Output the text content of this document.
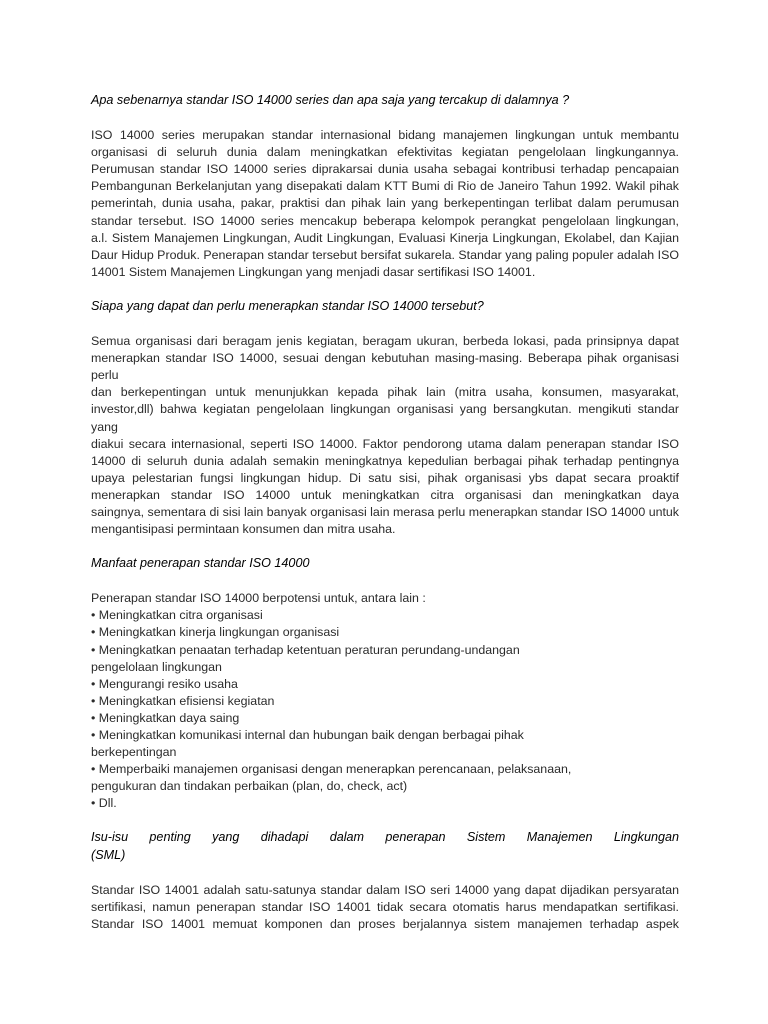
Apa sebenarnya standar ISO 14000 series dan apa saja yang tercakup di dalamnya ?

ISO 14000 series merupakan standar internasional bidang manajemen lingkungan untuk membantu
organisasi di seluruh dunia dalam meningkatkan efektivitas kegiatan pengelolaan lingkungannya.
Perumusan standar ISO 14000 series diprakarsai dunia usaha sebagai kontribusi terhadap pencapaian
Pembangunan Berkelanjutan yang disepakati dalam KTT Bumi di Rio de Janeiro Tahun 1992. Wakil pihak
pemerintah, dunia usaha, pakar, praktisi dan pihak lain yang berkepentingan terlibat dalam perumusan
standar tersebut. ISO 14000 series mencakup beberapa kelompok perangkat pengelolaan lingkungan,
a.l. Sistem Manajemen Lingkungan, Audit Lingkungan, Evaluasi Kinerja Lingkungan, Ekolabel, dan Kajian
Daur Hidup Produk. Penerapan standar tersebut bersifat sukarela. Standar yang paling populer adalah ISO
14001 Sistem Manajemen Lingkungan yang menjadi dasar sertifikasi ISO 14001.

Siapa yang dapat dan perlu menerapkan standar ISO 14000 tersebut?

Semua organisasi dari beragam jenis kegiatan, beragam ukuran, berbeda lokasi, pada prinsipnya dapat
menerapkan standar ISO 14000, sesuai dengan kebutuhan masing-masing. Beberapa pihak organisasi perlu
dan berkepentingan untuk menunjukkan kepada pihak lain (mitra usaha, konsumen, masyarakat,
investor,dll) bahwa kegiatan pengelolaan lingkungan organisasi yang bersangkutan. mengikuti standar yang
diakui secara internasional, seperti ISO 14000. Faktor pendorong utama dalam penerapan standar ISO
14000 di seluruh dunia adalah semakin meningkatnya kepedulian berbagai pihak terhadap pentingnya
upaya pelestarian fungsi lingkungan hidup. Di satu sisi, pihak organisasi ybs dapat secara proaktif
menerapkan standar ISO 14000 untuk meningkatkan citra organisasi dan meningkatkan daya
saingnya, sementara di sisi lain banyak organisasi lain merasa perlu menerapkan standar ISO 14000 untuk
mengantisipasi permintaan konsumen dan mitra usaha.

Manfaat penerapan standar ISO 14000

Penerapan standar ISO 14000 berpotensi untuk, antara lain :
• Meningkatkan citra organisasi
• Meningkatkan kinerja lingkungan organisasi
• Meningkatkan penaatan terhadap ketentuan peraturan perundang-undangan
pengelolaan lingkungan
• Mengurangi resiko usaha
• Meningkatkan efisiensi kegiatan
• Meningkatkan daya saing
• Meningkatkan komunikasi internal dan hubungan baik dengan berbagai pihak
berkepentingan
• Memperbaiki manajemen organisasi dengan menerapkan perencanaan, pelaksanaan,
pengukuran dan tindakan perbaikan (plan, do, check, act)
• Dll.
Isu-isu penting yang dihadapi dalam penerapan Sistem Manajemen Lingkungan
(SML)
Standar ISO 14001 adalah satu-satunya standar dalam ISO seri 14000 yang dapat dijadikan persyaratan
sertifikasi, namun penerapan standar ISO 14001 tidak secara otomatis harus mendapatkan sertifikasi.
Standar ISO 14001 memuat komponen dan proses berjalannya sistem manajemen terhadap aspek
